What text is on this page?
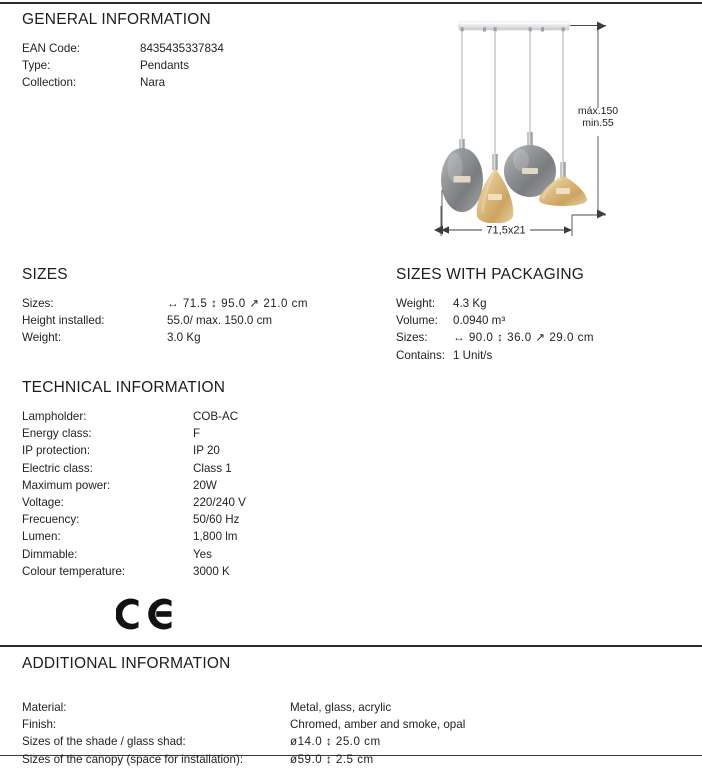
GENERAL INFORMATION
EAN Code:	8435435337834
Type:	Pendants
Collection:	Nara
SIZES
Sizes:	↔ 71.5 ↕ 95.0 ↗ 21.0 cm
Height installed:	55.0/ max. 150.0 cm
Weight:	3.0 Kg
SIZES WITH PACKAGING
Weight:	4.3 Kg
Volume:	0.0940 m³
Sizes:	↔ 90.0 ↕ 36.0 ↗ 29.0 cm
Contains: 1 Unit/s
TECHNICAL INFORMATION
Lampholder:	COB-AC
Energy class:	F
IP protection:	IP 20
Electric class:	Class 1
Maximum power:	20W
Voltage:	220/240 V
Frecuency:	50/60 Hz
Lumen:	1,800 lm
Dimmable:	Yes
Colour temperature:	3000 K
máx.150
min.55
71,5x21
ADDITIONAL INFORMATION
Material:	Metal, glass, acrylic
Finish:	Chromed, amber and smoke, opal
Sizes of the shade / glass shad:	ø14.0 ↕ 25.0 cm
Sizes of the canopy (space for installation):	ø59.0 ↕ 2.5 cm
